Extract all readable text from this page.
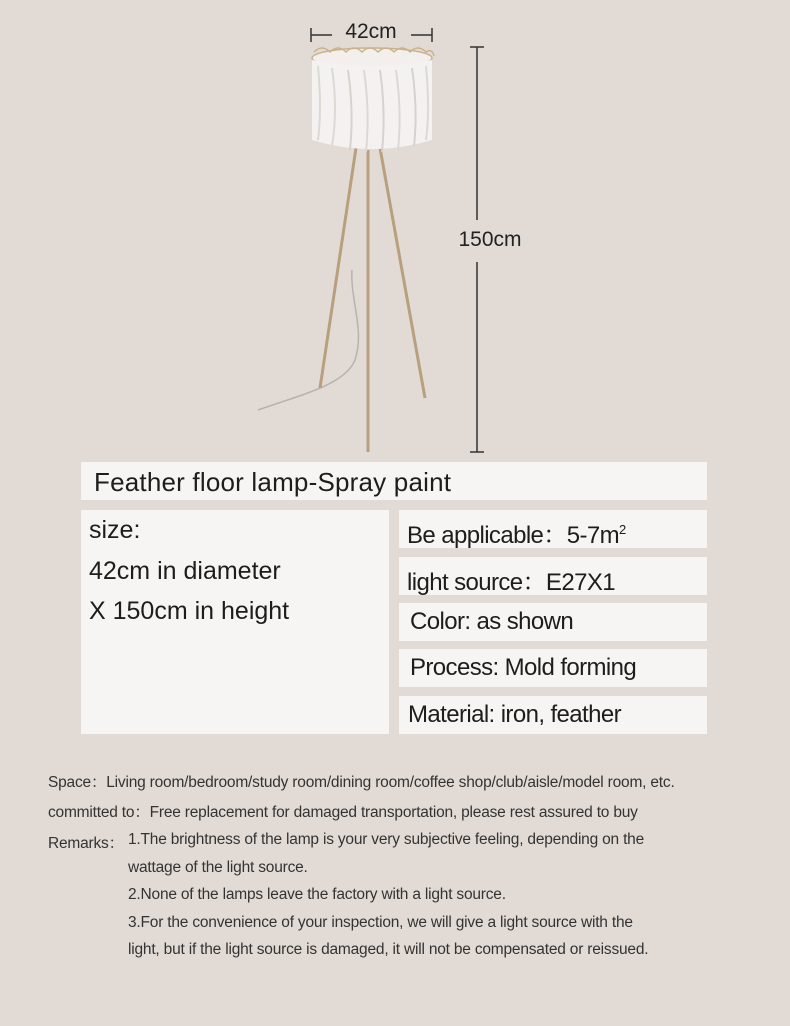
42cm
150cm
Feather floor lamp-Spray paint
size:
42cm in diameter
X 150cm in height
Be applicable：$5-7m^2$
light source：E27X1
Color: as shown
Process: Mold forming
Material: iron, feather
Space：Living room/bedroom/study room/dining room/coffee shop/club/aisle/model room, etc.
committed to：Free replacement for damaged transportation, please rest assured to buy
Remarks： 1.The brightness of the lamp is your very subjective feeling, depending on the
wattage of the light source.
2.None of the lamps leave the factory with a light source.
3.For the convenience of your inspection, we will give a light source with the
light, but if the light source is damaged, it will not be compensated or reissued.
